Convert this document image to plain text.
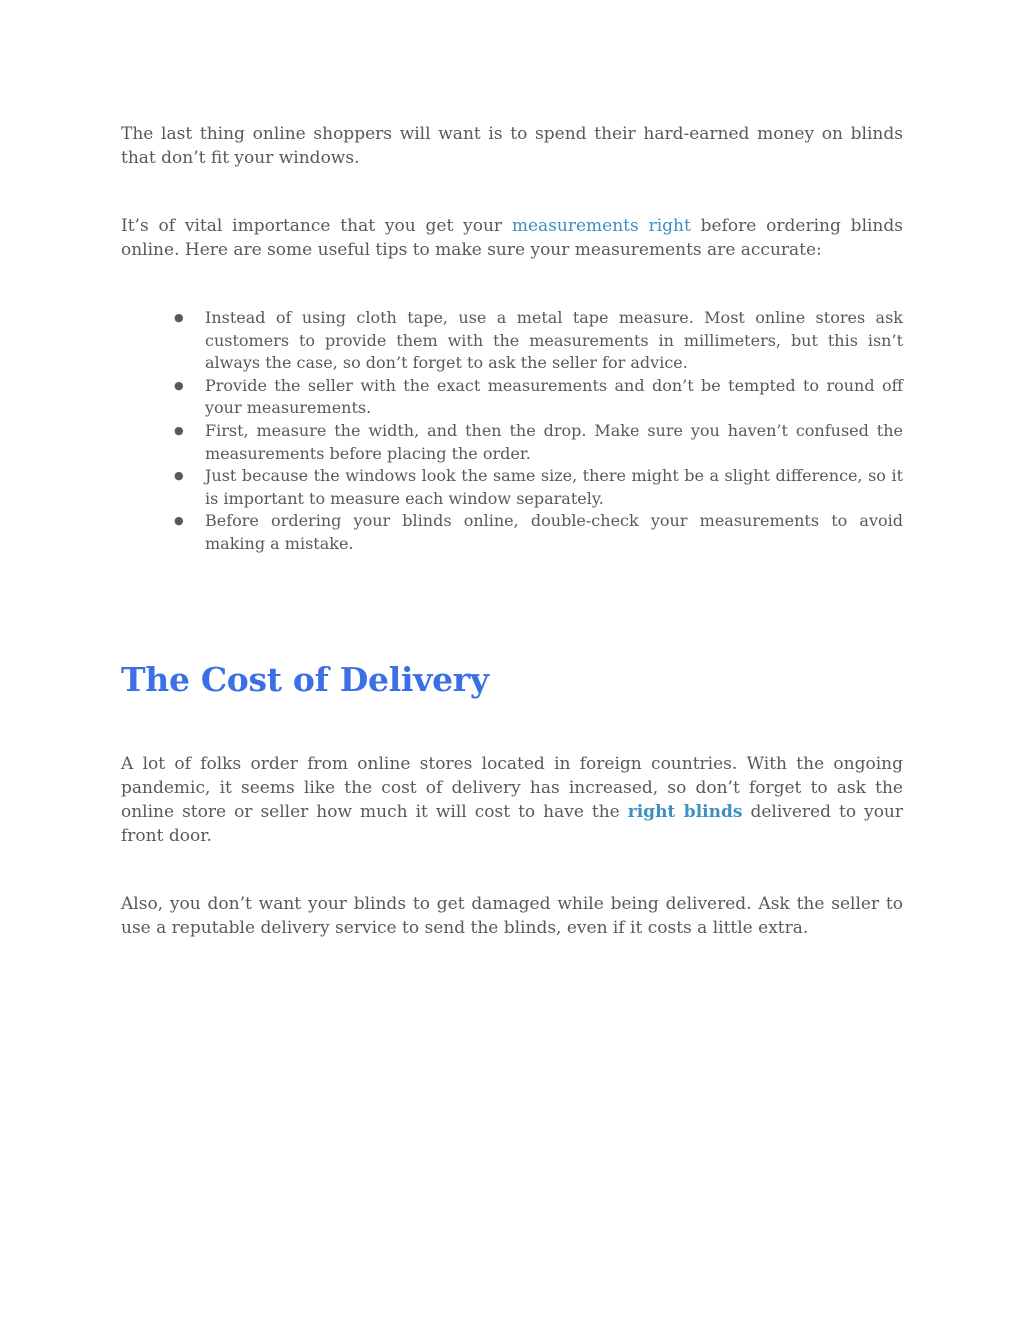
The last thing online shoppers will want is to spend their hard-earned money on blinds that don’t fit your windows.

It’s of vital importance that you get your measurements right before ordering blinds online. Here are some useful tips to make sure your measurements are accurate:

● Instead of using cloth tape, use a metal tape measure. Most online stores ask customers to provide them with the measurements in millimeters, but this isn’t always the case, so don’t forget to ask the seller for advice.
● Provide the seller with the exact measurements and don’t be tempted to round off your measurements.
● First, measure the width, and then the drop. Make sure you haven’t confused the measurements before placing the order.
● Just because the windows look the same size, there might be a slight difference, so it is important to measure each window separately.
● Before ordering your blinds online, double-check your measurements to avoid making a mistake.
The Cost of Delivery

A lot of folks order from online stores located in foreign countries. With the ongoing pandemic, it seems like the cost of delivery has increased, so don’t forget to ask the online store or seller how much it will cost to have the right blinds delivered to your front door.

Also, you don’t want your blinds to get damaged while being delivered. Ask the seller to use a reputable delivery service to send the blinds, even if it costs a little extra.
